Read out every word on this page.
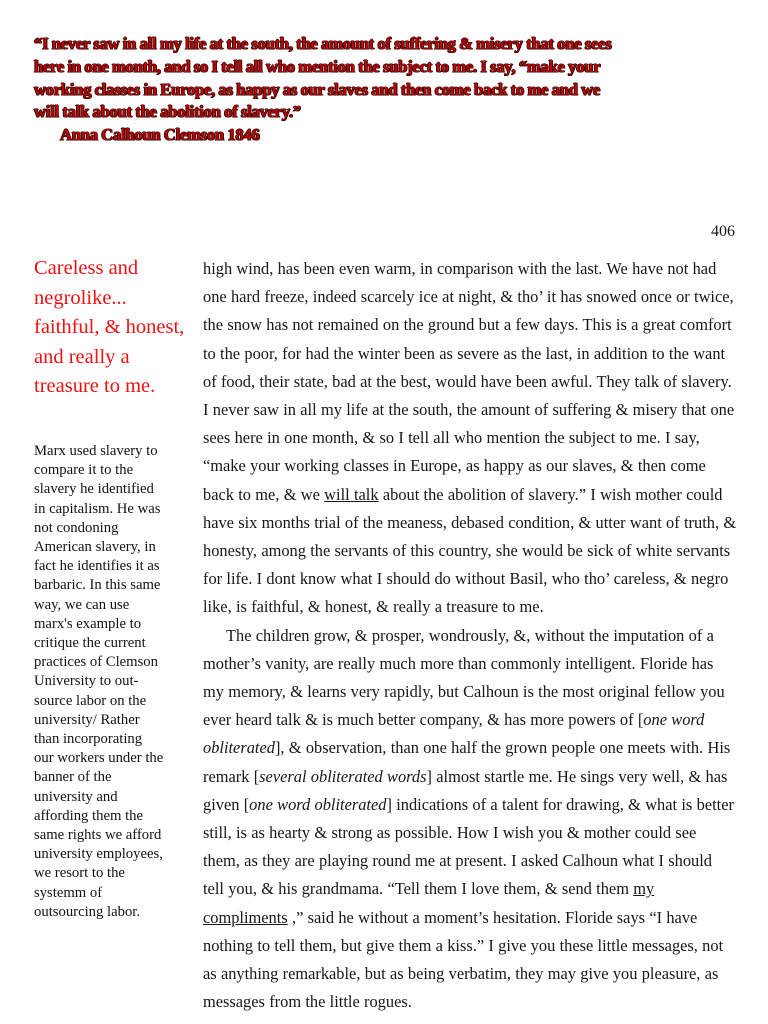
“I never saw in all my life at the south, the amount of suffering & misery that one sees
here in one month, and so I tell all who mention the subject to me. I say, “make your
working classes in Europe, as happy as our slaves and then come back to me and we
will talk about the abolition of slavery.”
Anna Calhoun Clemson 1846
406
Careless and negrolike... faithful, & honest, and really a treasure to me.
Marx used slavery to compare it to the slavery he identified in capitalism. He was not condoning American slavery, in fact he identifies it as barbaric. In this same way, we can use marx's example to critique the current practices of Clemson University to out-source labor on the university/ Rather than incorporating our workers under the banner of the university and affording them the same rights we afford university employees, we resort to the systemm of outsourcing labor.

high wind, has been even warm, in comparison with the last. We have not had one hard freeze, indeed scarcely ice at night, & tho’ it has snowed once or twice, the snow has not remained on the ground but a few days. This is a great comfort to the poor, for had the winter been as severe as the last, in addition to the want of food, their state, bad at the best, would have been awful. They talk of slavery. I never saw in all my life at the south, the amount of suffering & misery that one sees here in one month, & so I tell all who mention the subject to me. I say, “make your working classes in Europe, as happy as our slaves, & then come back to me, & we will talk about the abolition of slavery.” I wish mother could have six months trial of the meaness, debased condition, & utter want of truth, & honesty, among the servants of this country, she would be sick of white servants for life. I dont know what I should do without Basil, who tho’ careless, & negro like, is faithful, & honest, & really a treasure to me.

The children grow, & prosper, wondrously, &, without the imputation of a mother’s vanity, are really much more than commonly intelligent. Floride has my memory, & learns very rapidly, but Calhoun is the most original fellow you ever heard talk & is much better company, & has more powers of [one word obliterated], & observation, than one half the grown people one meets with. His remark [several obliterated words] almost startle me. He sings very well, & has given [one word obliterated] indications of a talent for drawing, & what is better still, is as hearty & strong as possible. How I wish you & mother could see them, as they are playing round me at present. I asked Calhoun what I should tell you, & his grandmama. “Tell them I love them, & send them my compliments ,” said he without a moment’s hesitation. Floride says “I have nothing to tell them, but give them a kiss.” I give you these little messages, not as anything remarkable, but as being verbatim, they may give you pleasure, as messages from the little rogues.
